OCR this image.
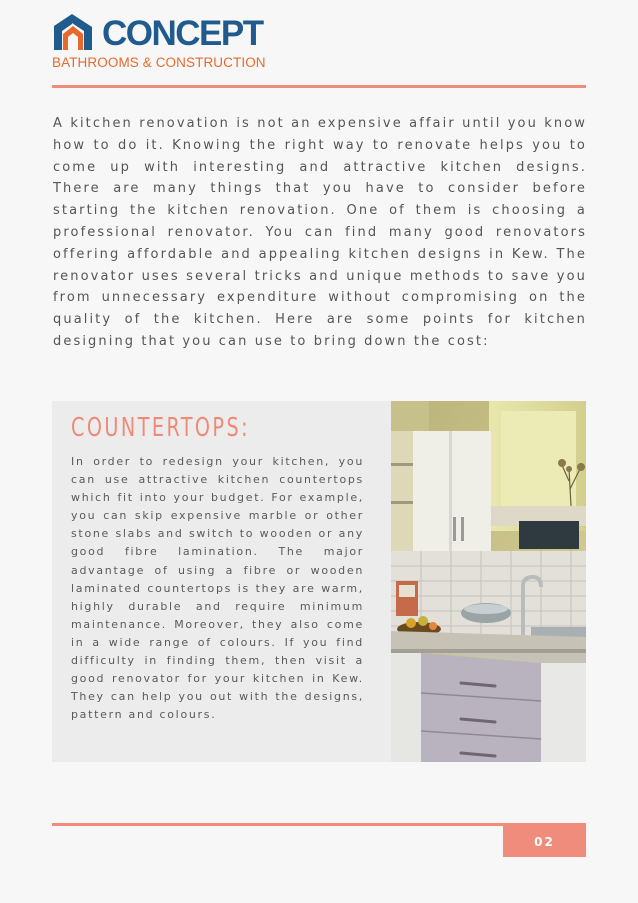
CONCEPT
BATHROOMS & CONSTRUCTION

A kitchen renovation is not an expensive affair until you know how to do it. Knowing the right way to renovate helps you to come up with interesting and attractive kitchen designs. There are many things that you have to consider before starting the kitchen renovation. One of them is choosing a professional renovator. You can find many good renovators offering affordable and appealing kitchen designs in Kew. The renovator uses several tricks and unique methods to save you from unnecessary expenditure without compromising on the quality of the kitchen. Here are some points for kitchen designing that you can use to bring down the cost:

COUNTERTOPS:

In order to redesign your kitchen, you can use attractive kitchen countertops which fit into your budget. For example, you can skip expensive marble or other stone slabs and switch to wooden or any good fibre lamination. The major advantage of using a fibre or wooden laminated countertops is they are warm, highly durable and require minimum maintenance. Moreover, they also come in a wide range of colours. If you find difficulty in finding them, then visit a good renovator for your kitchen in Kew. They can help you out with the designs, pattern and colours.

02
